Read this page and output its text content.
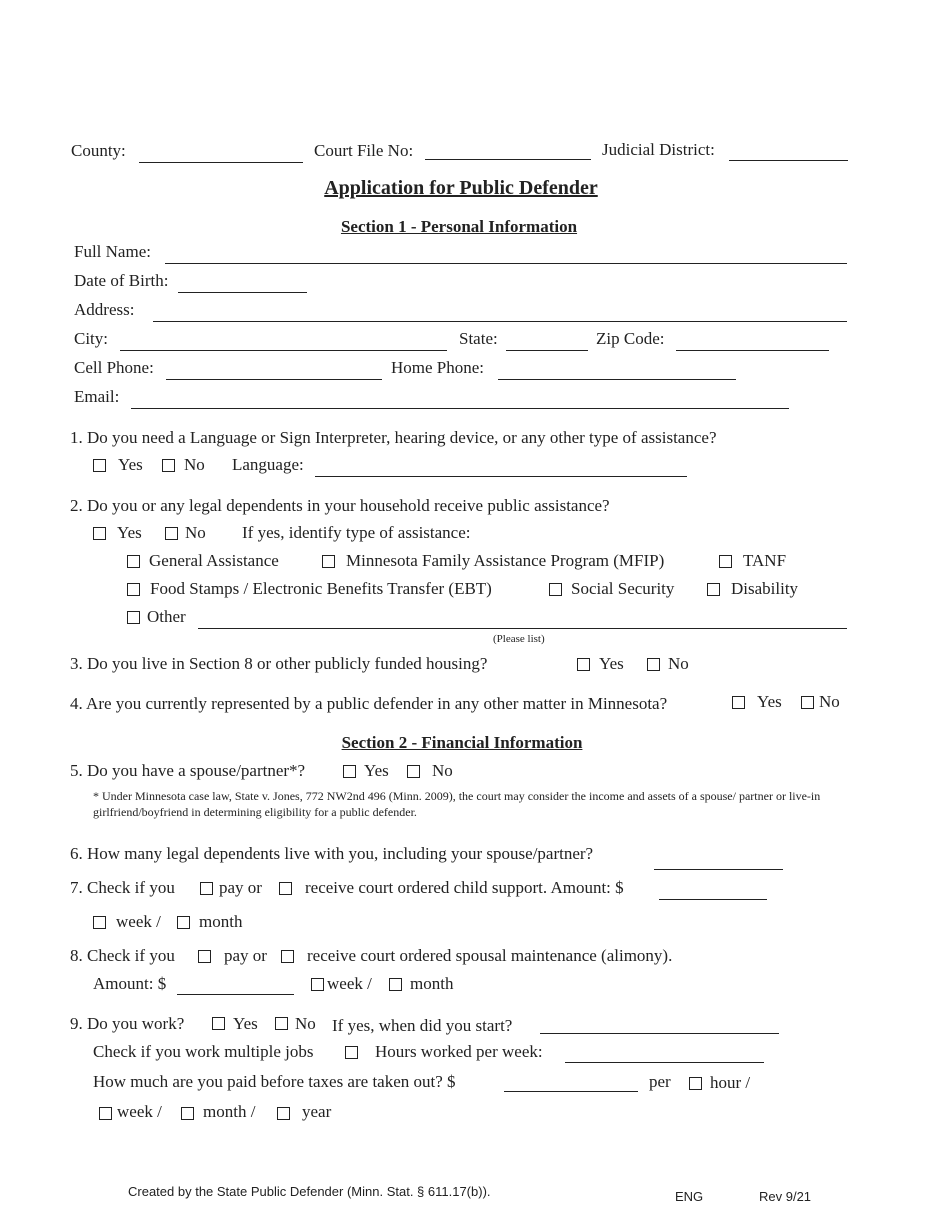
County:	Court File No:	Judicial District:
Application for Public Defender
Section 1 - Personal Information
Full Name:
Date of Birth:
Address:
City:	State:	Zip Code:
Cell Phone:	Home Phone:
Email:
1. Do you need a Language or Sign Interpreter, hearing device, or any other type of assistance?
Yes No Language:
2. Do you or any legal dependents in your household receive public assistance?
Yes	No If yes, identify type of assistance:
General Assistance	Minnesota Family Assistance Program (MFIP)	TANF
Food Stamps / Electronic Benefits Transfer (EBT)	Social Security	Disability
Other
(Please list)
3. Do you live in Section 8 or other publicly funded housing?	Yes	No
4. Are you currently represented by a public defender in any other matter in Minnesota?	Yes No
Section 2 - Financial Information
5. Do you have a spouse/partner*?	Yes	No
* Under Minnesota case law, State v. Jones, 772 NW2nd 496 (Minn. 2009), the court may consider the income and assets of a spouse/ partner or live-in girlfriend/boyfriend in determining eligibility for a public defender.
6. How many legal dependents live with you, including your spouse/partner?
7. Check if you	pay or	receive court ordered child support. Amount: $
week / month
8. Check if you	pay or receive court ordered spousal maintenance (alimony).
Amount: $	week / month
9. Do you work?	Yes No If yes, when did you start?
Check if you work multiple jobs	Hours worked per week:
How much are you paid before taxes are taken out? $	per hour /
week / month /	year
Created by the State Public Defender (Minn. Stat. § 611.17(b)).	ENG	Rev 9/21
